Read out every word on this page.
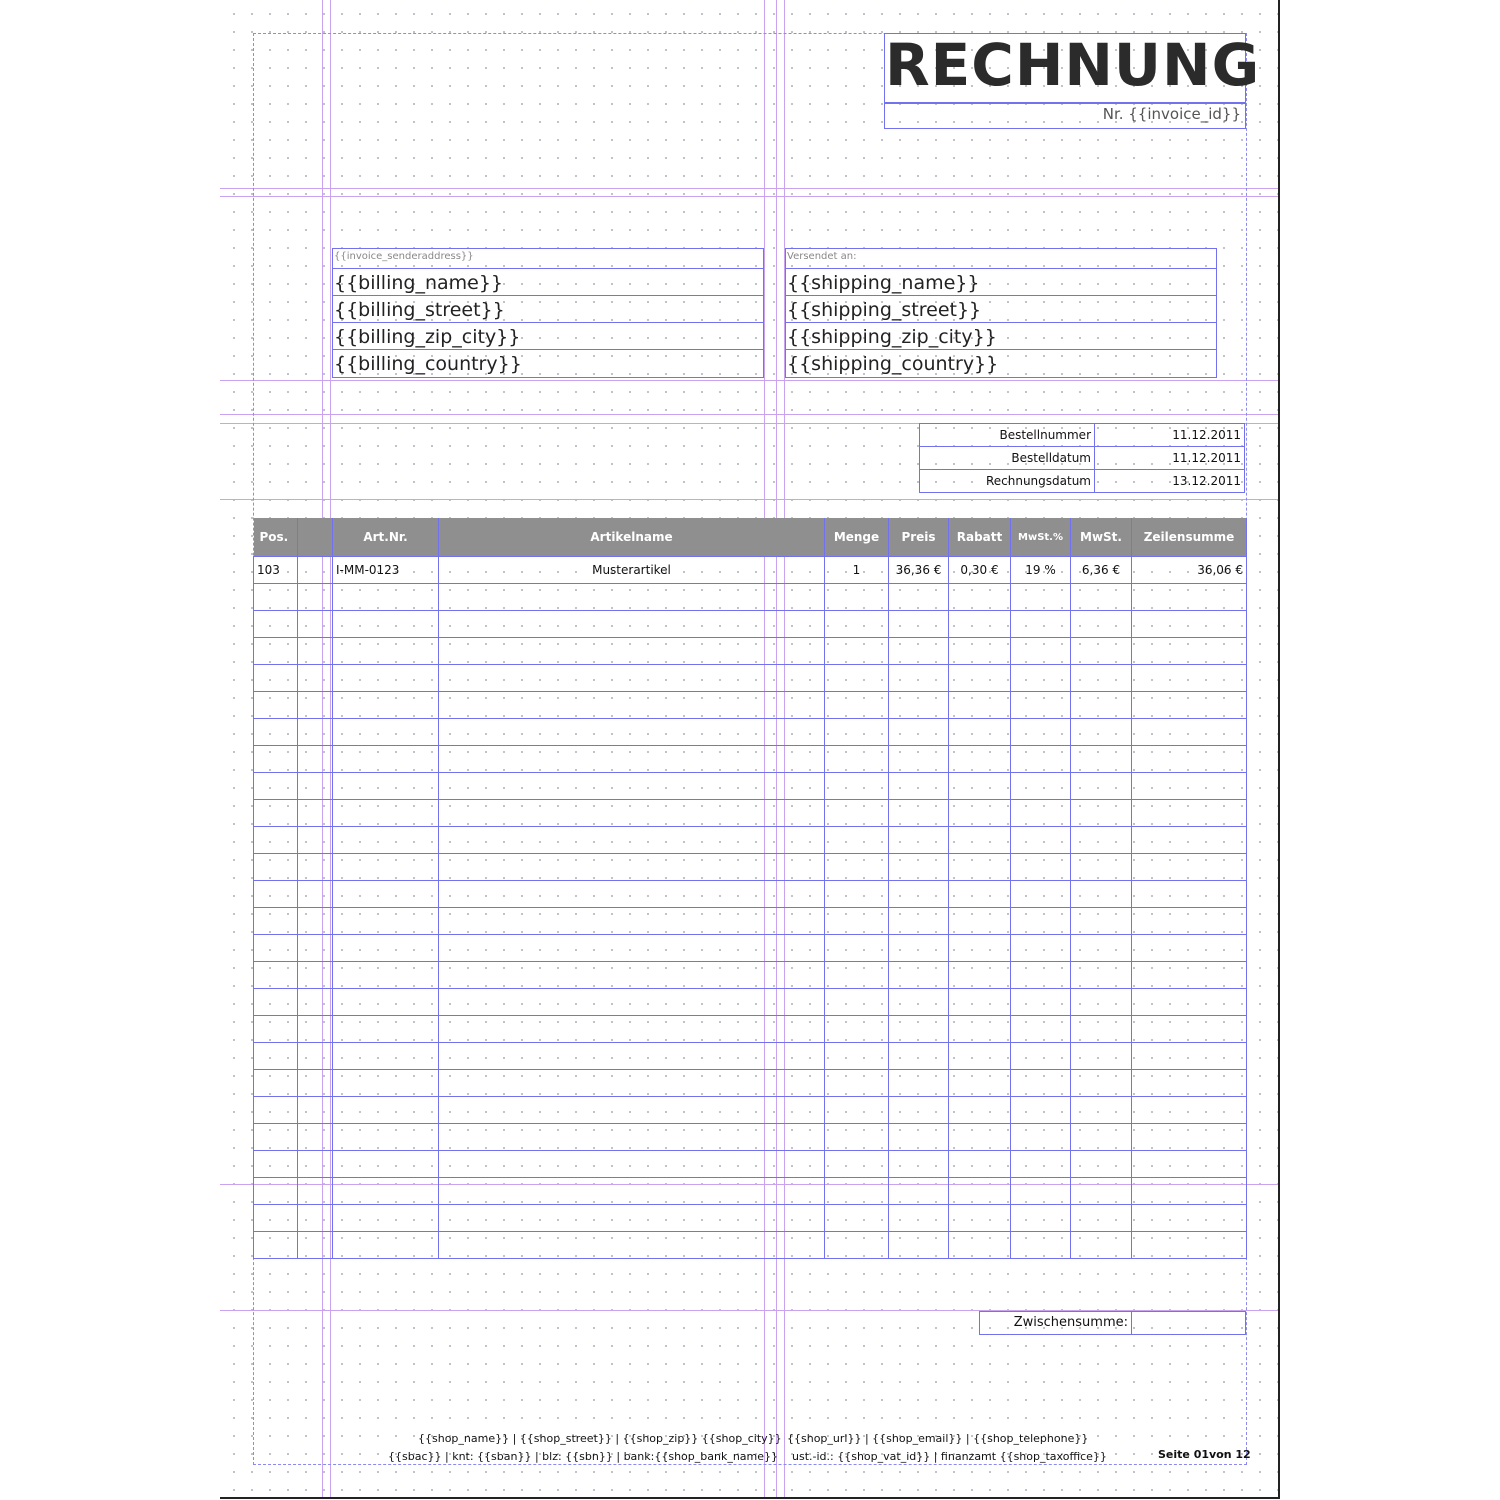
RECHNUNG
Nr. {{invoice_id}}
{{invoice_senderaddress}}
{{billing_name}}
{{billing_street}}
{{billing_zip_city}}
{{billing_country}}
Versendet an:
{{shipping_name}}
{{shipping_street}}
{{shipping_zip_city}}
{{shipping_country}}
Bestellnummer	11.12.2011
Bestelldatum	11.12.2011
Rechnungsdatum	13.12.2011
Pos.		Art.Nr.	Artikelname	Menge	Preis	Rabatt	MwSt.%	MwSt.	Zeilensumme
103		I-MM-0123	Musterartikel	1	36,36 €	0,30 €	19 %	6,36 €	36,06 €

Zwischensumme:
{{shop_name}} | {{shop_street}} | {{shop_zip}} {{shop_city}} {{shop_url}} | {{shop_email}} | {{shop_telephone}}
{{sbac}} | knt: {{sban}} | blz: {{sbn}} | bank:{{shop_bank_name}} ust.-id.: {{shop_vat_id}} | finanzamt {{shop_taxoffice}}	Seite 01von 12
